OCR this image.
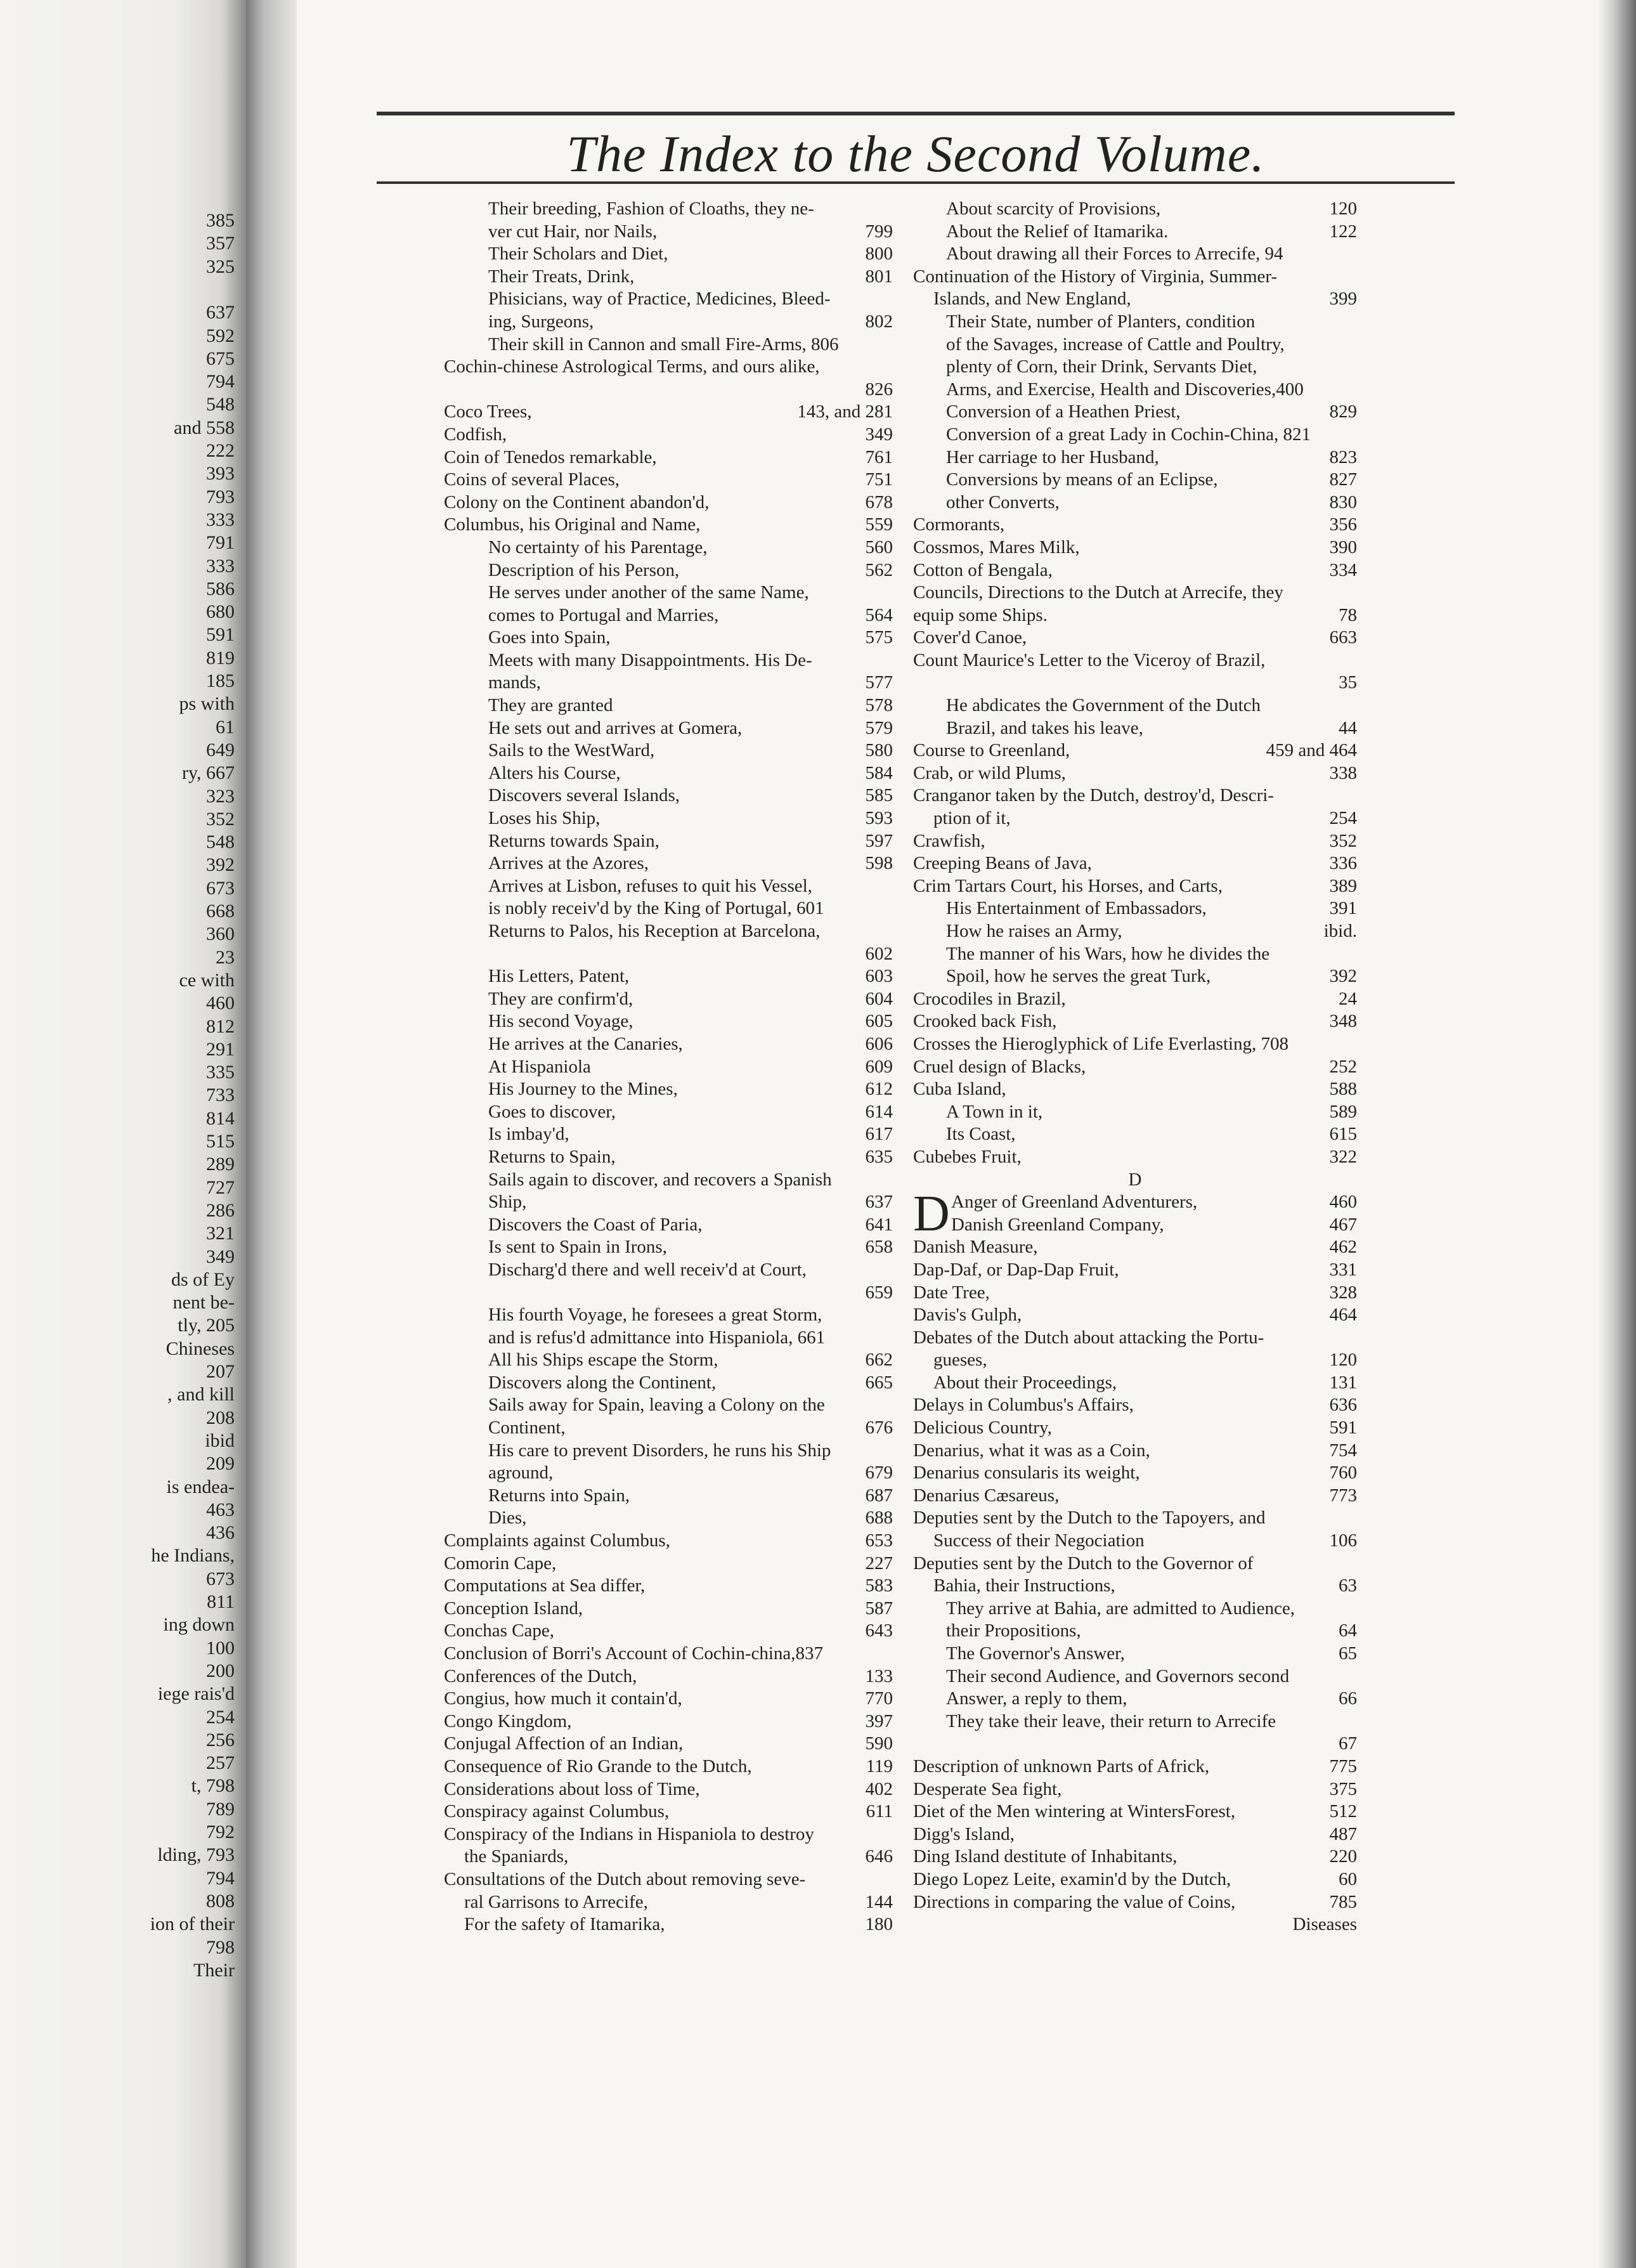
385
357
325
637
592
675
794
548
and 558
222
393
793
333
791
333
586
680
591
819
185
ps with
61
649
ry, 667
323
352
548
392
673
668
360
23
ce with
460
812
291
335
733
814
515
289
727
286
321
349
ds of Ey
nent be-
tly, 205
Chineses
207
, and kill
208
ibid
209
is endea-
463
436
he Indians,
673
811
ing down
100
200
iege rais'd
254
256
257
t, 798
789
792
lding, 793
794
808
ion of their
798
Their
The Index to the Second Volume.
Their breeding, Fashion of Cloaths, they ne-
ver cut Hair, nor Nails,	799
Their Scholars and Diet,	800
Their Treats, Drink,	801
Phisicians, way of Practice, Medicines, Bleed-
ing, Surgeons,	802
Their skill in Cannon and small Fire-Arms, 806
Cochin-chinese Astrological Terms, and ours alike,
826
Coco Trees,	143, and 281
Codfish,	349
Coin of Tenedos remarkable,	761
Coins of several Places,	751
Colony on the Continent abandon'd,	678
Columbus, his Original and Name,	559
No certainty of his Parentage,	560
Description of his Person,	562
He serves under another of the same Name,
comes to Portugal and Marries,	564
Goes into Spain,	575
Meets with many Disappointments. His De-
mands,	577
They are granted	578
He sets out and arrives at Gomera,	579
Sails to the WestWard,	580
Alters his Course,	584
Discovers several Islands,	585
Loses his Ship,	593
Returns towards Spain,	597
Arrives at the Azores,	598
Arrives at Lisbon, refuses to quit his Vessel,
is nobly receiv'd by the King of Portugal, 601
Returns to Palos, his Reception at Barcelona,
602
His Letters, Patent,	603
They are confirm'd,	604
His second Voyage,	605
He arrives at the Canaries,	606
At Hispaniola	609
His Journey to the Mines,	612
Goes to discover,	614
Is imbay'd,	617
Returns to Spain,	635
Sails again to discover, and recovers a Spanish
Ship,	637
Discovers the Coast of Paria,	641
Is sent to Spain in Irons,	658
Discharg'd there and well receiv'd at Court,
659
His fourth Voyage, he foresees a great Storm,
and is refus'd admittance into Hispaniola, 661
All his Ships escape the Storm,	662
Discovers along the Continent,	665
Sails away for Spain, leaving a Colony on the
Continent,	676
His care to prevent Disorders, he runs his Ship
aground,	679
Returns into Spain,	687
Dies,	688
Complaints against Columbus,	653
Comorin Cape,	227
Computations at Sea differ,	583
Conception Island,	587
Conchas Cape,	643
Conclusion of Borri's Account of Cochin-china,837
Conferences of the Dutch,	133
Congius, how much it contain'd,	770
Congo Kingdom,	397
Conjugal Affection of an Indian,	590
Consequence of Rio Grande to the Dutch,	119
Considerations about loss of Time,	402
Conspiracy against Columbus,	611
Conspiracy of the Indians in Hispaniola to destroy
the Spaniards,	646
Consultations of the Dutch about removing seve-
ral Garrisons to Arrecife,	144
For the safety of Itamarika,	180
About scarcity of Provisions,	120
About the Relief of Itamarika.	122
About drawing all their Forces to Arrecife, 94
Continuation of the History of Virginia, Summer-
Islands, and New England,	399
Their State, number of Planters, condition
of the Savages, increase of Cattle and Poultry,
plenty of Corn, their Drink, Servants Diet,
Arms, and Exercise, Health and Discoveries,400
Conversion of a Heathen Priest,	829
Conversion of a great Lady in Cochin-China, 821
Her carriage to her Husband,	823
Conversions by means of an Eclipse,	827
other Converts,	830
Cormorants,	356
Cossmos, Mares Milk,	390
Cotton of Bengala,	334
Councils, Directions to the Dutch at Arrecife, they
equip some Ships.	78
Cover'd Canoe,	663
Count Maurice's Letter to the Viceroy of Brazil,
35
He abdicates the Government of the Dutch
Brazil, and takes his leave,	44
Course to Greenland,	459 and 464
Crab, or wild Plums,	338
Cranganor taken by the Dutch, destroy'd, Descri-
ption of it,	254
Crawfish,	352
Creeping Beans of Java,	336
Crim Tartars Court, his Horses, and Carts,	389
His Entertainment of Embassadors,	391
How he raises an Army,	ibid.
The manner of his Wars, how he divides the
Spoil, how he serves the great Turk,	392
Crocodiles in Brazil,	24
Crooked back Fish,	348
Crosses the Hieroglyphick of Life Everlasting, 708
Cruel design of Blacks,	252
Cuba Island,	588
A Town in it,	589
Its Coast,	615
Cubebes Fruit,	322
D
D Anger of Greenland Adventurers,	460
Danish Greenland Company,	467
Danish Measure,	462
Dap-Daf, or Dap-Dap Fruit,	331
Date Tree,	328
Davis's Gulph,	464
Debates of the Dutch about attacking the Portu-
gueses,	120
About their Proceedings,	131
Delays in Columbus's Affairs,	636
Delicious Country,	591
Denarius, what it was as a Coin,	754
Denarius consularis its weight,	760
Denarius Cæsareus,	773
Deputies sent by the Dutch to the Tapoyers, and
Success of their Negociation	106
Deputies sent by the Dutch to the Governor of
Bahia, their Instructions,	63
They arrive at Bahia, are admitted to Audience,
their Propositions,	64
The Governor's Answer,	65
Their second Audience, and Governors second
Answer, a reply to them,	66
They take their leave, their return to Arrecife
67
Description of unknown Parts of Africk,	775
Desperate Sea fight,	375
Diet of the Men wintering at WintersForest,	512
Digg's Island,	487
Ding Island destitute of Inhabitants,	220
Diego Lopez Leite, examin'd by the Dutch,	60
Directions in comparing the value of Coins,	785
Diseases
